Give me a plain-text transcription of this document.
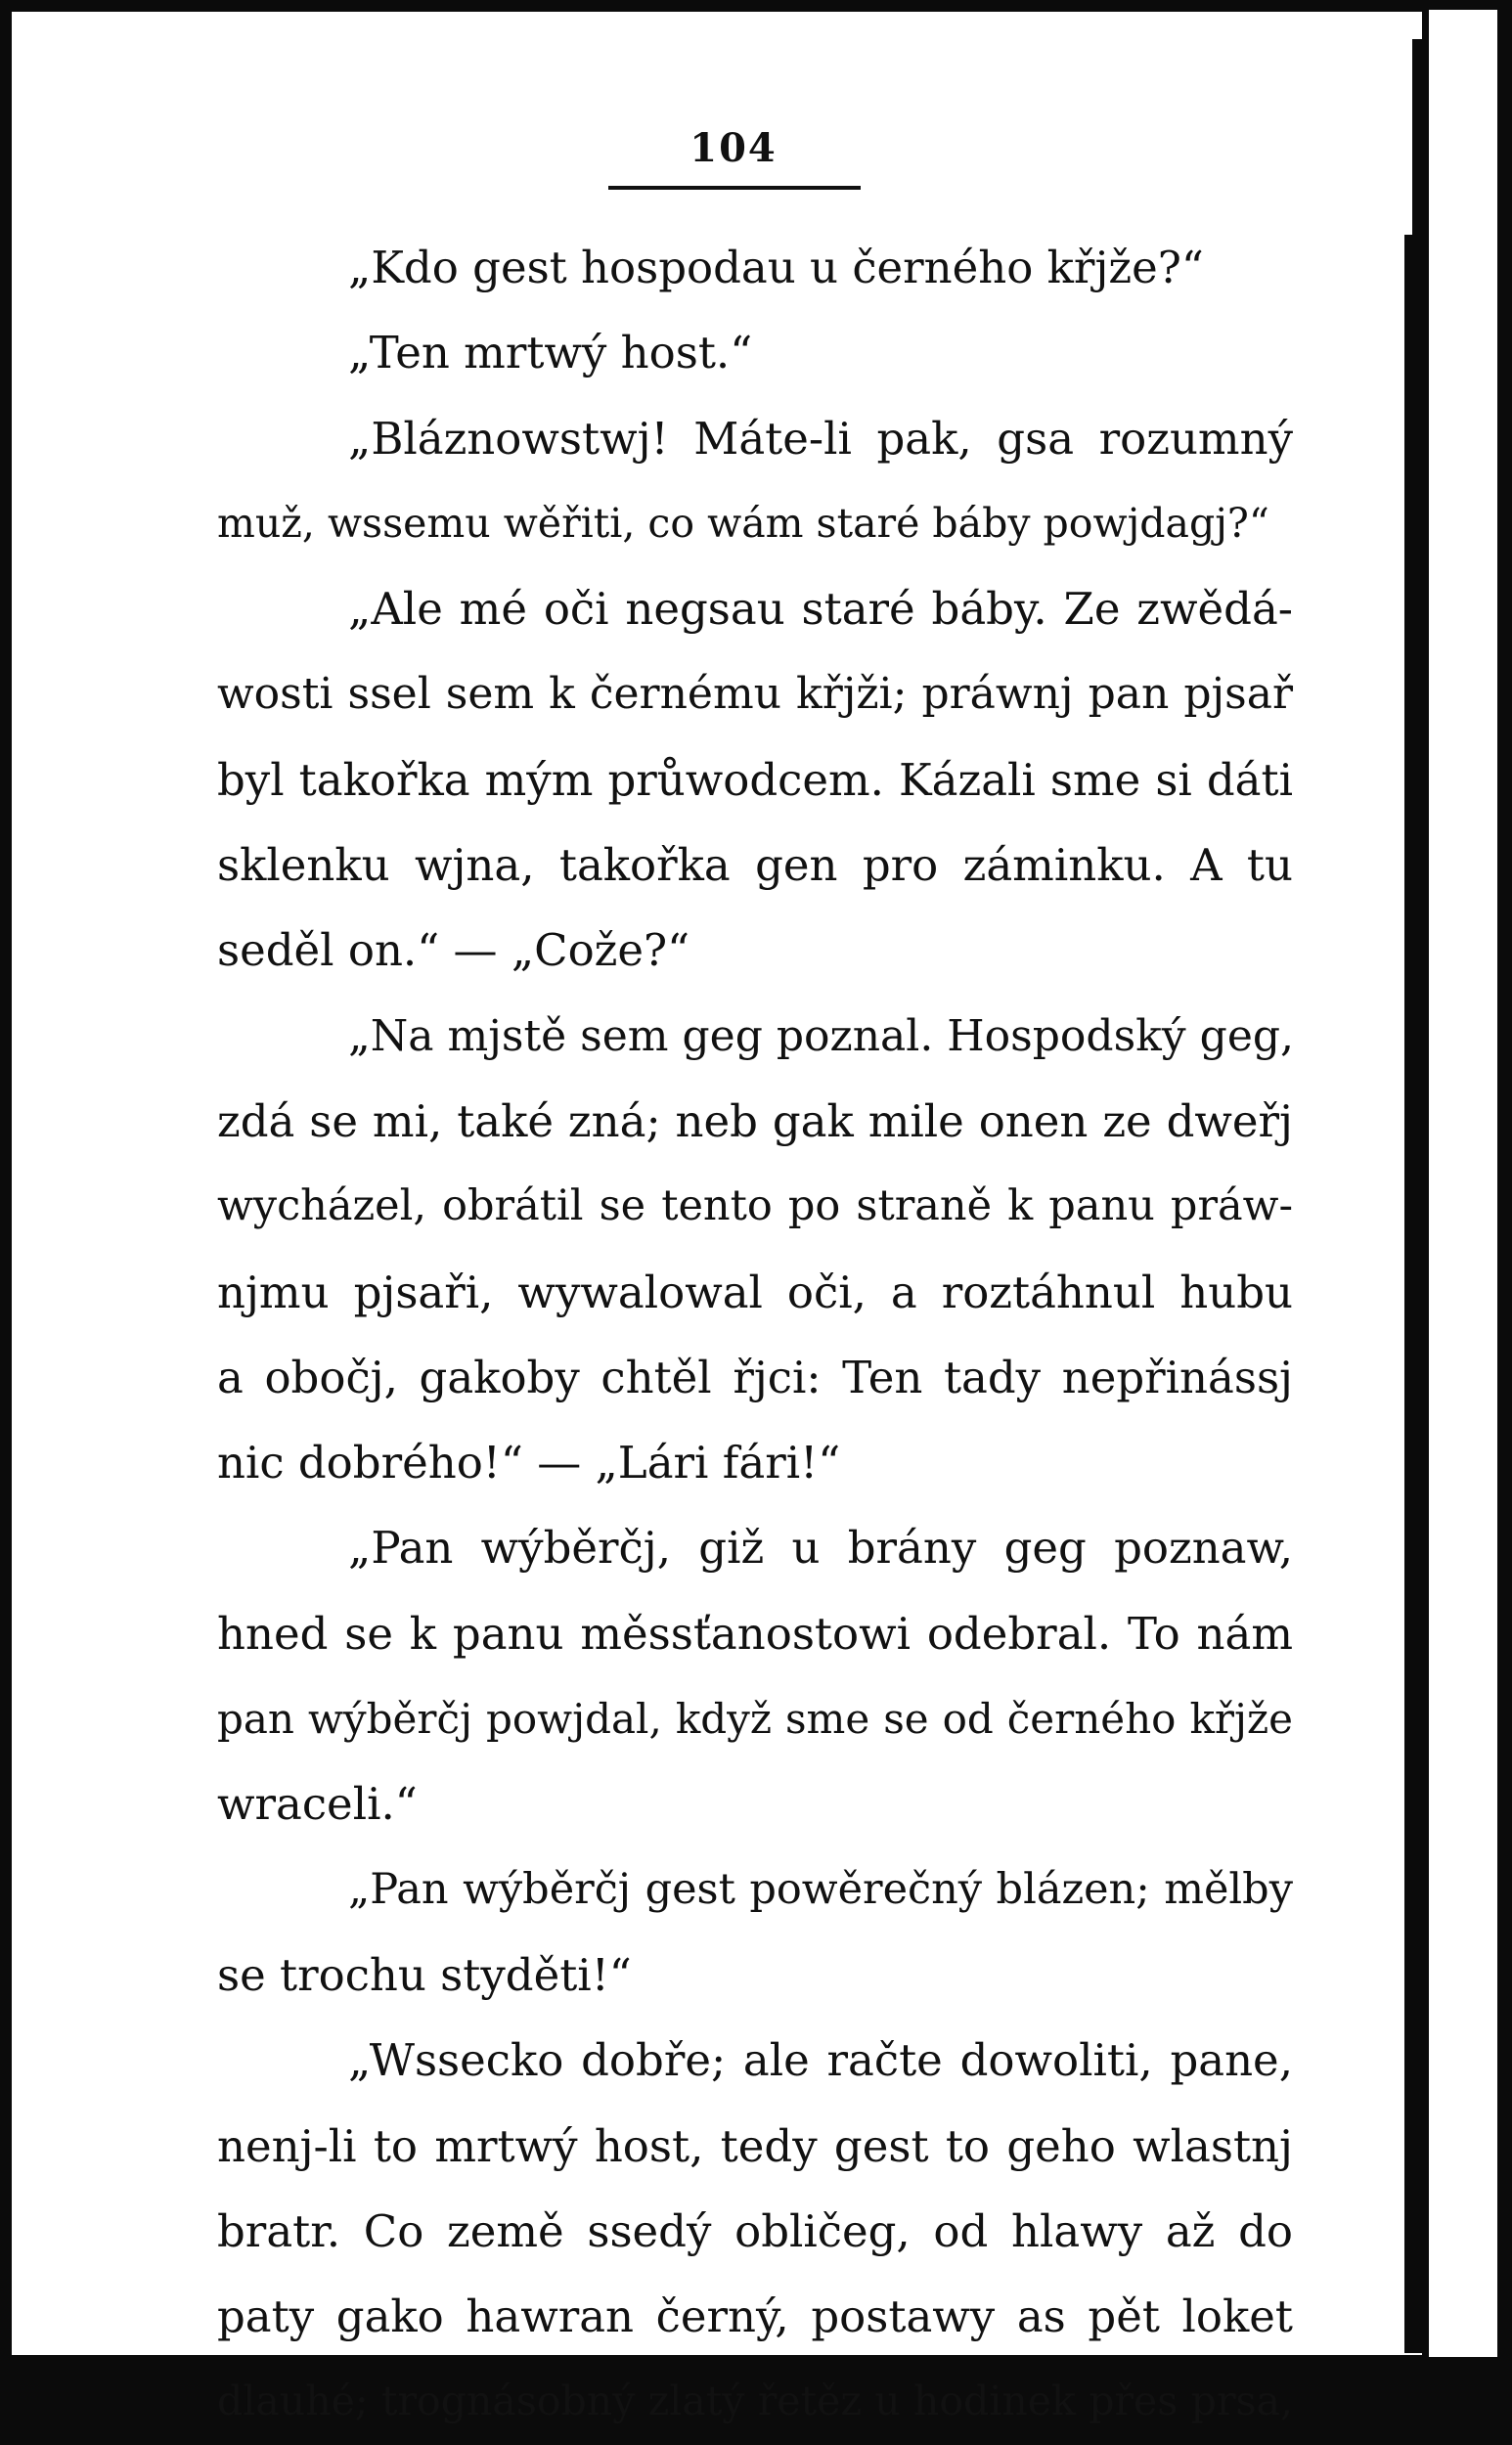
104
„Kdo gest hospodau u černého křjže?“
„Ten mrtwý host.“
„Bláznowstwj! Máte-li pak, gsa rozumný
muž, wssemu wěřiti, co wám staré báby powjdagj?“
„Ale mé oči negsau staré báby. Ze zwědá-
wosti ssel sem k černému křjži; práwnj pan pjsař
byl takořka mým průwodcem. Kázali sme si dáti
sklenku wjna, takořka gen pro záminku. A tu
seděl on.“ — „Cože?“
„Na mjstě sem geg poznal. Hospodský geg,
zdá se mi, také zná; neb gak mile onen ze dweřj
wycházel, obrátil se tento po straně k panu práw-
njmu pjsaři, wywalowal oči, a roztáhnul hubu
a obočj, gakoby chtěl řjci: Ten tady nepřinássj
nic dobrého!“ — „Lári fári!“
„Pan wýběrčj, giž u brány geg poznaw,
hned se k panu měssťanostowi odebral. To nám
pan wýběrčj powjdal, když sme se od černého křjže
wraceli.“
„Pan wýběrčj gest powěrečný blázen; mělby
se trochu styděti!“
„Wssecko dobře; ale račte dowoliti, pane,
nenj-li to mrtwý host, tedy gest to geho wlastnj
bratr. Co země ssedý obličeg, od hlawy až do
paty gako hawran černý, postawy as pět loket
dlauhé; trognásobný zlatý řetěz u hodinek přes prsa,
